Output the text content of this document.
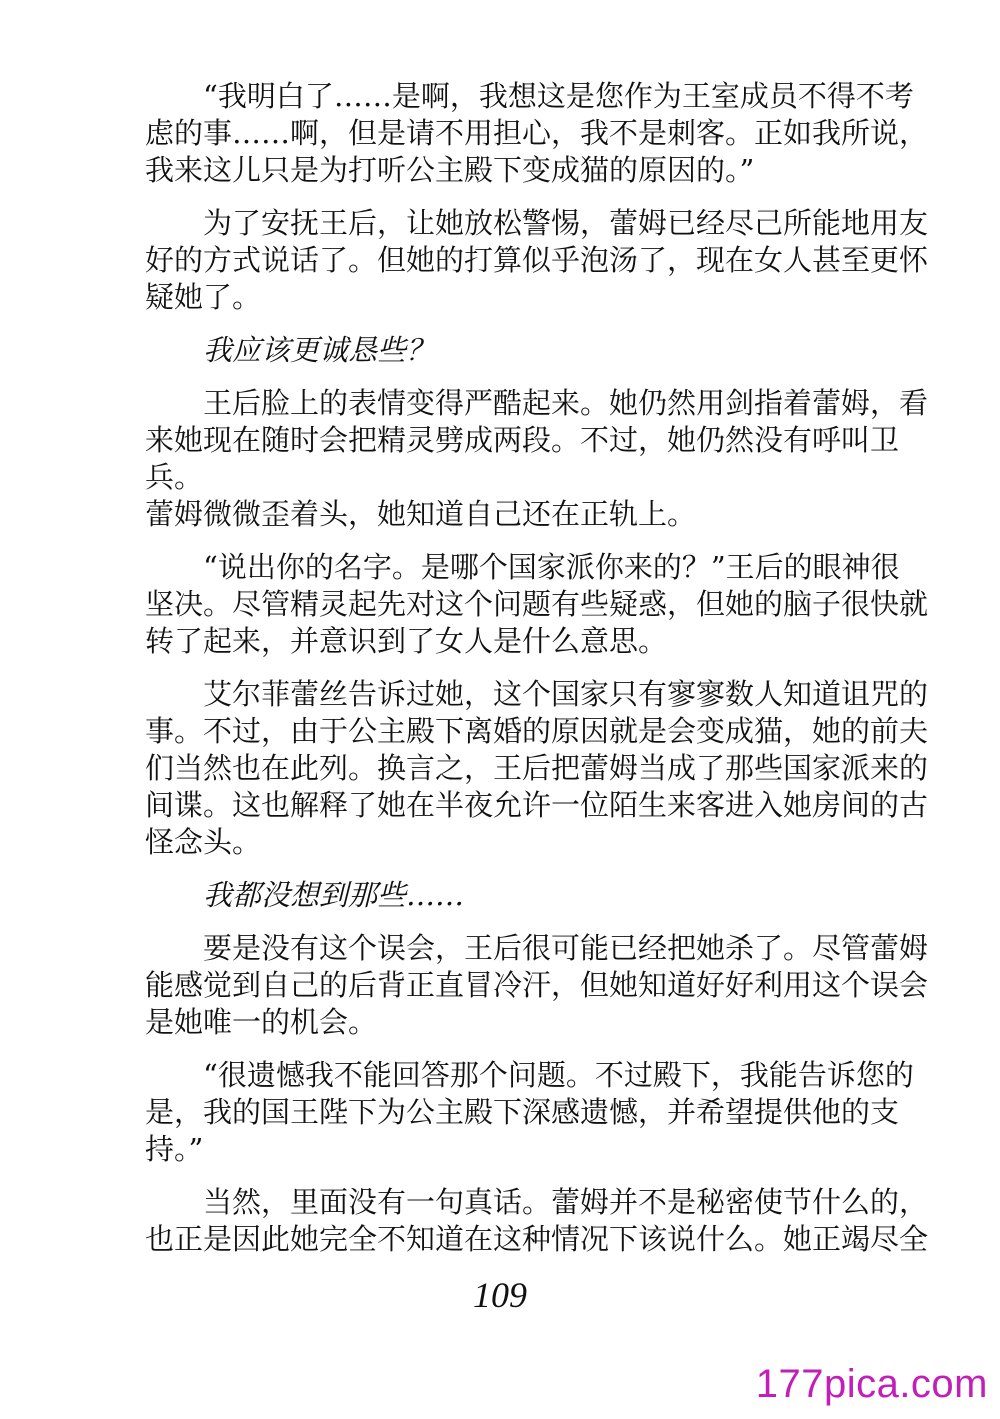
“我明白了……是啊，我想这是您作为王室成员不得不考
虑的事……啊，但是请不用担心，我不是刺客。正如我所说，
我来这儿只是为打听公主殿下变成猫的原因的。”

为了安抚王后，让她放松警惕，蕾姆已经尽己所能地用友
好的方式说话了。但她的打算似乎泡汤了，现在女人甚至更怀
疑她了。

我应该更诚恳些？

王后脸上的表情变得严酷起来。她仍然用剑指着蕾姆，看
来她现在随时会把精灵劈成两段。不过，她仍然没有呼叫卫兵。
蕾姆微微歪着头，她知道自己还在正轨上。

“说出你的名字。是哪个国家派你来的？”王后的眼神很
坚决。尽管精灵起先对这个问题有些疑惑，但她的脑子很快就
转了起来，并意识到了女人是什么意思。

艾尔菲蕾丝告诉过她，这个国家只有寥寥数人知道诅咒的
事。不过，由于公主殿下离婚的原因就是会变成猫，她的前夫
们当然也在此列。换言之，王后把蕾姆当成了那些国家派来的
间谍。这也解释了她在半夜允许一位陌生来客进入她房间的古
怪念头。

我都没想到那些……

要是没有这个误会，王后很可能已经把她杀了。尽管蕾姆
能感觉到自己的后背正直冒冷汗，但她知道好好利用这个误会
是她唯一的机会。

“很遗憾我不能回答那个问题。不过殿下，我能告诉您的
是，我的国王陛下为公主殿下深感遗憾，并希望提供他的支
持。”

当然，里面没有一句真话。蕾姆并不是秘密使节什么的，
也正是因此她完全不知道在这种情况下该说什么。她正竭尽全

109
177pica.com
